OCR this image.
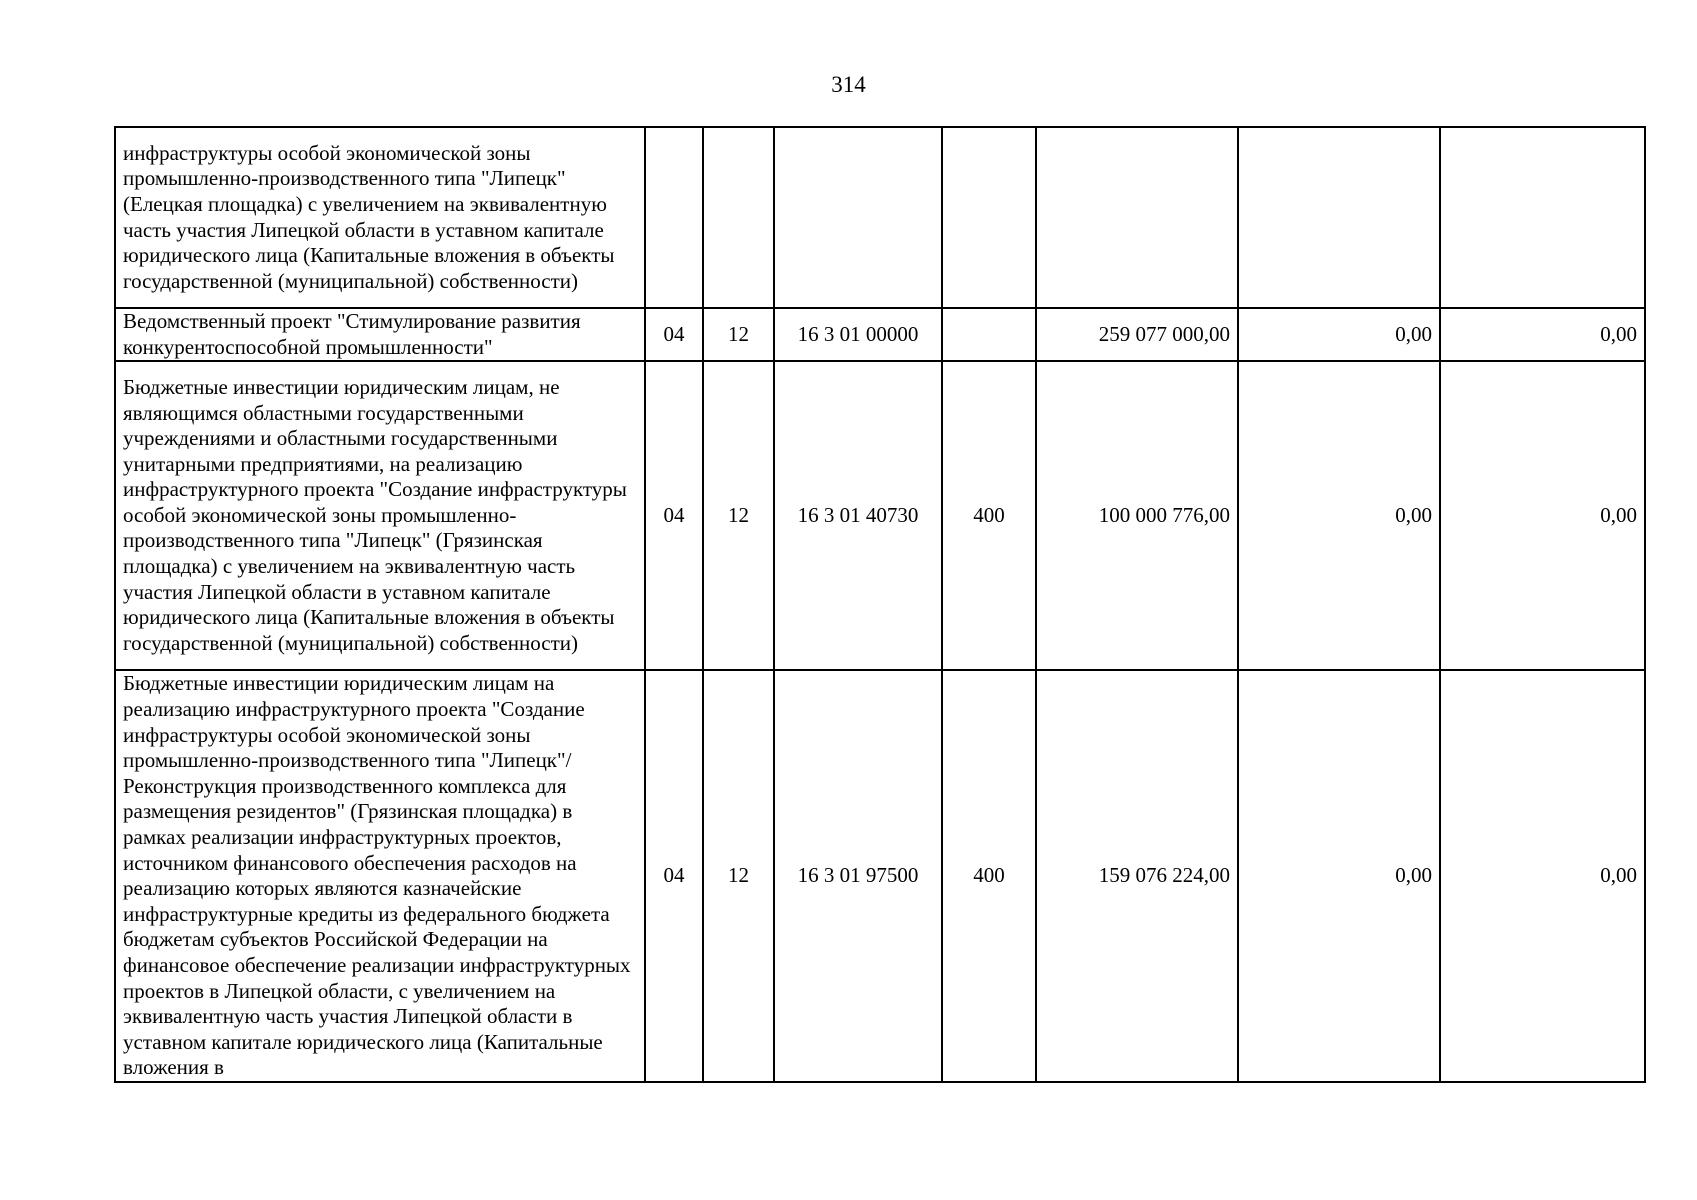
314
инфраструктуры особой экономической зоны промышленно-производственного типа "Липецк" (Елецкая площадка) с увеличением на эквивалентную часть участия Липецкой области в уставном капитале юридического лица (Капитальные вложения в объекты государственной (муниципальной) собственности)							
Ведомственный проект "Стимулирование развития конкурентоспособной промышленности"	04	12	16 3 01 00000		259 077 000,00	0,00	0,00
Бюджетные инвестиции юридическим лицам, не являющимся областными государственными учреждениями и областными государственными унитарными предприятиями, на реализацию инфраструктурного проекта "Создание инфраструктуры особой экономической зоны промышленно-производственного типа "Липецк" (Грязинская площадка) с увеличением на эквивалентную часть участия Липецкой области в уставном капитале юридического лица (Капитальные вложения в объекты государственной (муниципальной) собственности)	04	12	16 3 01 40730	400	100 000 776,00	0,00	0,00
Бюджетные инвестиции юридическим лицам на реализацию инфраструктурного проекта "Создание инфраструктуры особой экономической зоны промышленно-производственного типа "Липецк"/Реконструкция производственного комплекса для размещения резидентов" (Грязинская площадка) в рамках реализации инфраструктурных проектов, источником финансового обеспечения расходов на реализацию которых являются казначейские инфраструктурные кредиты из федерального бюджета бюджетам субъектов Российской Федерации на финансовое обеспечение реализации инфраструктурных проектов в Липецкой области, с увеличением на эквивалентную часть участия Липецкой области в уставном капитале юридического лица (Капитальные вложения в	04	12	16 3 01 97500	400	159 076 224,00	0,00	0,00
